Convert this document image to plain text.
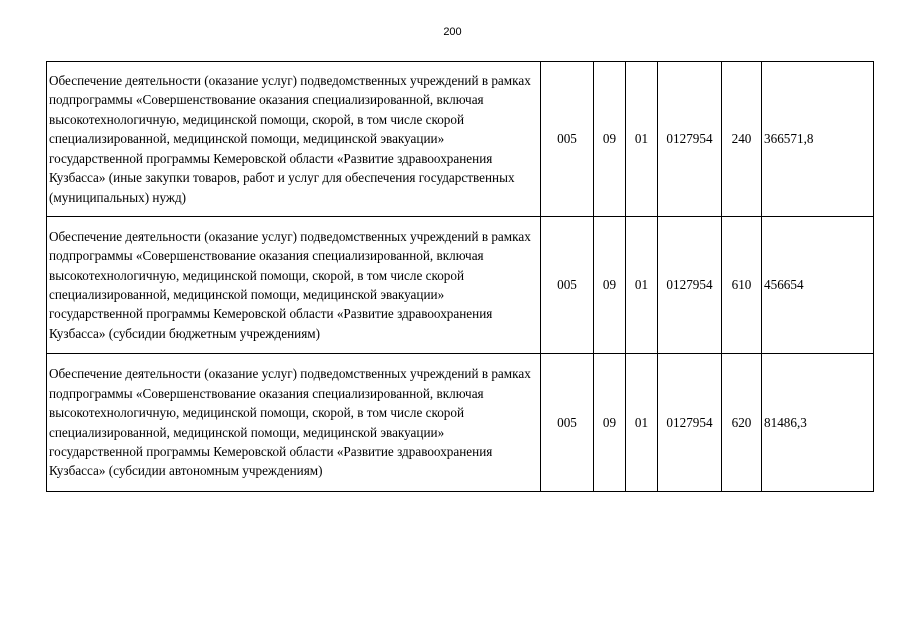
200
Обеспечение деятельности (оказание услуг) подведомственных учреждений в рамках подпрограммы «Совершенствование оказания специализированной, включая высокотехнологичную, медицинской помощи, скорой, в том числе скорой специализированной, медицинской помощи, медицинской эвакуации» государственной программы Кемеровской области «Развитие здравоохранения Кузбасса» (иные закупки товаров, работ и услуг для обеспечения государственных (муниципальных) нужд)	005	09	01	0127954	240	366571,8
Обеспечение деятельности (оказание услуг) подведомственных учреждений в рамках подпрограммы «Совершенствование оказания специализированной, включая высокотехнологичную, медицинской помощи, скорой, в том числе скорой специализированной, медицинской помощи, медицинской эвакуации» государственной программы Кемеровской области «Развитие здравоохранения Кузбасса» (субсидии бюджетным учреждениям)	005	09	01	0127954	610	456654
Обеспечение деятельности (оказание услуг) подведомственных учреждений в рамках подпрограммы «Совершенствование оказания специализированной, включая высокотехнологичную, медицинской помощи, скорой, в том числе скорой специализированной, медицинской помощи, медицинской эвакуации» государственной программы Кемеровской области «Развитие здравоохранения Кузбасса» (субсидии автономным учреждениям)	005	09	01	0127954	620	81486,3
